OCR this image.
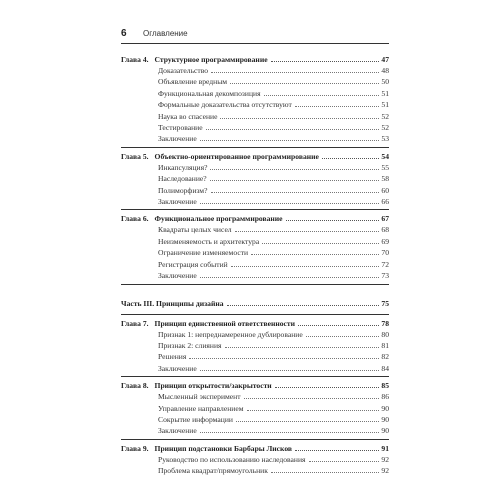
6 Оглавление
Глава 4. Структурное программирование	47
Доказательство	48
Объявление вредным	50
Функциональная декомпозиция	51
Формальные доказательства отсутствуют	51
Наука во спасение	52
Тестирование	52
Заключение	53
Глава 5. Объектно-ориентированное программирование	54
Инкапсуляция?	55
Наследование?	58
Полиморфизм?	60
Заключение	66
Глава 6. Функциональное программирование	67
Квадраты целых чисел	68
Неизменяемость и архитектура	69
Ограничение изменяемости	70
Регистрация событий	72
Заключение	73
Часть III. Принципы дизайна	75
Глава 7. Принцип единственной ответственности	78
Признак 1: непреднамеренное дублирование	80
Признак 2: слияния	81
Решения	82
Заключение	84
Глава 8. Принцип открытости/закрытости	85
Мысленный эксперимент	86
Управление направлением	90
Сокрытие информации	90
Заключение	90
Глава 9. Принцип подстановки Барбары Лисков	91
Руководство по использованию наследования	92
Проблема квадрат/прямоугольник	92
